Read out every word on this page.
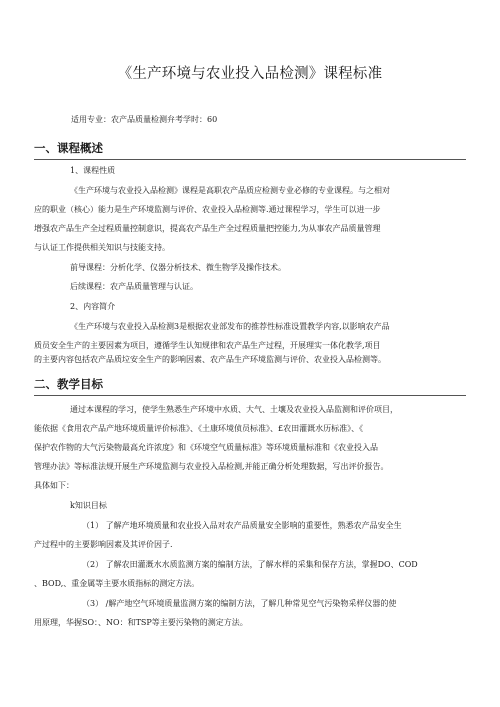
《生产环境与农业投入品检测》课程标准
适用专业：农产品质量检测弁考学时：60
一、课程概述
1、课程性质
《生产环境与农业投入品检测》课程是高职农产品质应检测专业必修的专业课程。与之相对
应的职业（核心）能力是生产环境监测与评价、农业投入品检测等.通过课程学习，学生可以进一步
增强农产品生产全过程质量控制意识，提高农产品生产全过程质量把控能力,为从事农产品质量管理
与认证工作提供相关知识与技能支持。
前导课程：分析化学、仪器分析技术、微生物学及操作技术。
后续课程：农产品质量管理与认证。
2、内容简介
《生产环境与农业投入品检测3是根据农业部发布的推荐性标准设置教学内容,以影响农产品
质员安全生产的主要因素为项目，遵循学生认知规律和农产品生产过程，开展理实一体化教学,项目
二、教学目标
的主要内容包括农产品质垃安全生产的影响因素、农产品生产环境监测与评价、农业投入品检测等。
通过本课程的学习，使学生熟悉生产环境中水质、大气、土壤及农业投入品监测和评价项目，
能依据《食用农产品产地环境质量评价标准》、《土康环境侦员标准》、£农田灌溉水历标准》、《
保护农作物的大气污染物最高允许浓度》和《环境空气质量标准》等环境质量标准和《农业投入品
管理办法》等标准法规开展生产环境监测与农业投入品检测,并能正确分析处理数据，写出评价报告。
具体如下：
k知识目标
（1） 了解产地环境质量和农业投入品对农产品质量安全影响的重要性，熟悉农产品安全生
产过程中的主要影响因素及其评价因子.
（2） 了解农田灌溉水水质监测方案的编制方法，了解水样的采集和保存方法，掌握DO、COD
、BOD,、重金属等主要水质指标的测定方法。
（3） /解产地空气环境质量监测方案的编制方法，了解几种常见空气污染物采样仪器的使
用原理，华握SO：、NO：和TSP等主要污染物的测定方法。
